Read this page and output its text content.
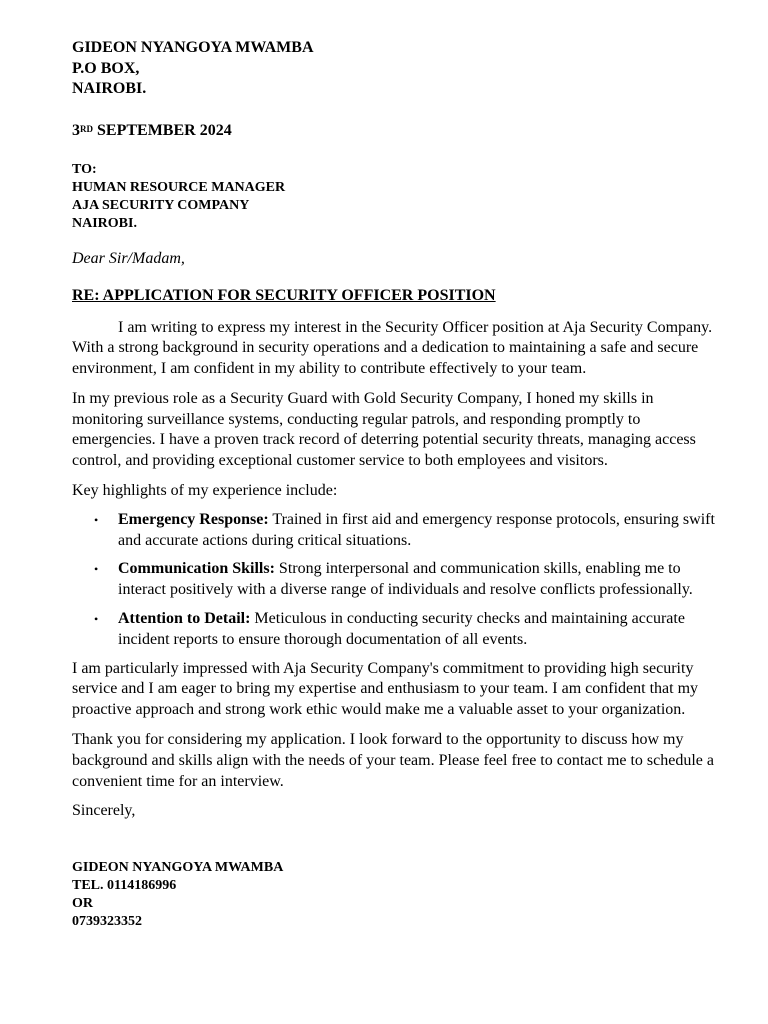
GIDEON NYANGOYA MWAMBA
P.O BOX,
NAIROBI.
3RD SEPTEMBER 2024
TO:
HUMAN RESOURCE MANAGER
AJA SECURITY COMPANY
NAIROBI.
Dear Sir/Madam,
RE: APPLICATION FOR SECURITY OFFICER POSITION

I am writing to express my interest in the Security Officer position at Aja Security Company. With a strong background in security operations and a dedication to maintaining a safe and secure environment, I am confident in my ability to contribute effectively to your team.

In my previous role as a Security Guard with Gold Security Company, I honed my skills in monitoring surveillance systems, conducting regular patrols, and responding promptly to emergencies. I have a proven track record of deterring potential security threats, managing access control, and providing exceptional customer service to both employees and visitors.

Key highlights of my experience include:

• Emergency Response: Trained in first aid and emergency response protocols, ensuring swift and accurate actions during critical situations.
• Communication Skills: Strong interpersonal and communication skills, enabling me to interact positively with a diverse range of individuals and resolve conflicts professionally.
• Attention to Detail: Meticulous in conducting security checks and maintaining accurate incident reports to ensure thorough documentation of all events.

I am particularly impressed with Aja Security Company's commitment to providing high security service and I am eager to bring my expertise and enthusiasm to your team. I am confident that my proactive approach and strong work ethic would make me a valuable asset to your organization.

Thank you for considering my application. I look forward to the opportunity to discuss how my background and skills align with the needs of your team. Please feel free to contact me to schedule a convenient time for an interview.

Sincerely,
GIDEON NYANGOYA MWAMBA
TEL. 0114186996
OR
0739323352
